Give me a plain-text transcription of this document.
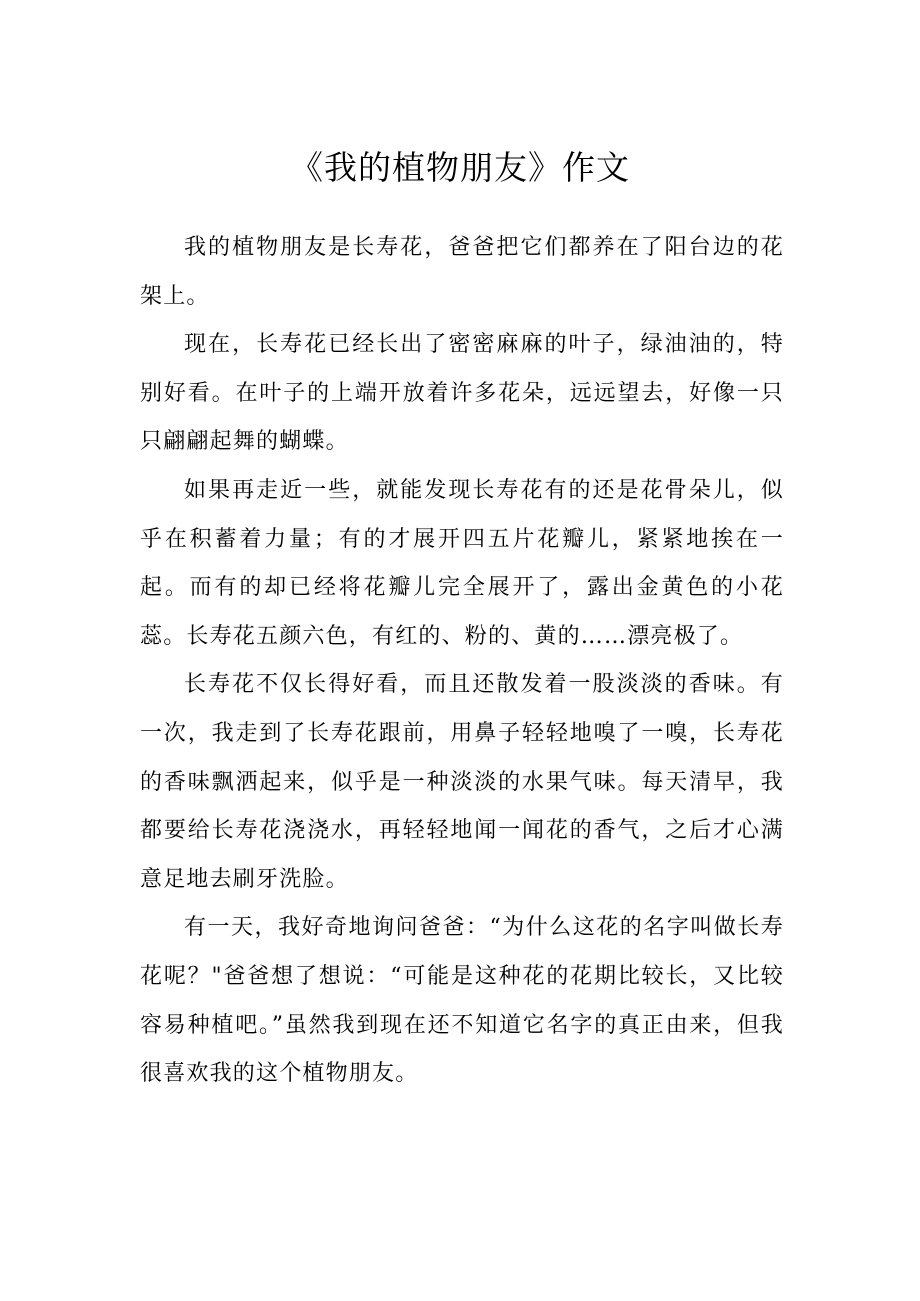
《我的植物朋友》作文

我的植物朋友是长寿花，爸爸把它们都养在了阳台边的花架上。

现在，长寿花已经长出了密密麻麻的叶子，绿油油的，特别好看。在叶子的上端开放着许多花朵，远远望去，好像一只只翩翩起舞的蝴蝶。

如果再走近一些，就能发现长寿花有的还是花骨朵儿，似乎在积蓄着力量；有的才展开四五片花瓣儿，紧紧地挨在一起。而有的却已经将花瓣儿完全展开了，露出金黄色的小花蕊。长寿花五颜六色，有红的、粉的、黄的……漂亮极了。

长寿花不仅长得好看，而且还散发着一股淡淡的香味。有一次，我走到了长寿花跟前，用鼻子轻轻地嗅了一嗅，长寿花的香味飘洒起来，似乎是一种淡淡的水果气味。每天清早，我都要给长寿花浇浇水，再轻轻地闻一闻花的香气，之后才心满意足地去刷牙洗脸。

有一天，我好奇地询问爸爸：“为什么这花的名字叫做长寿花呢？"爸爸想了想说：“可能是这种花的花期比较长，又比较容易种植吧。”虽然我到现在还不知道它名字的真正由来，但我很喜欢我的这个植物朋友。
